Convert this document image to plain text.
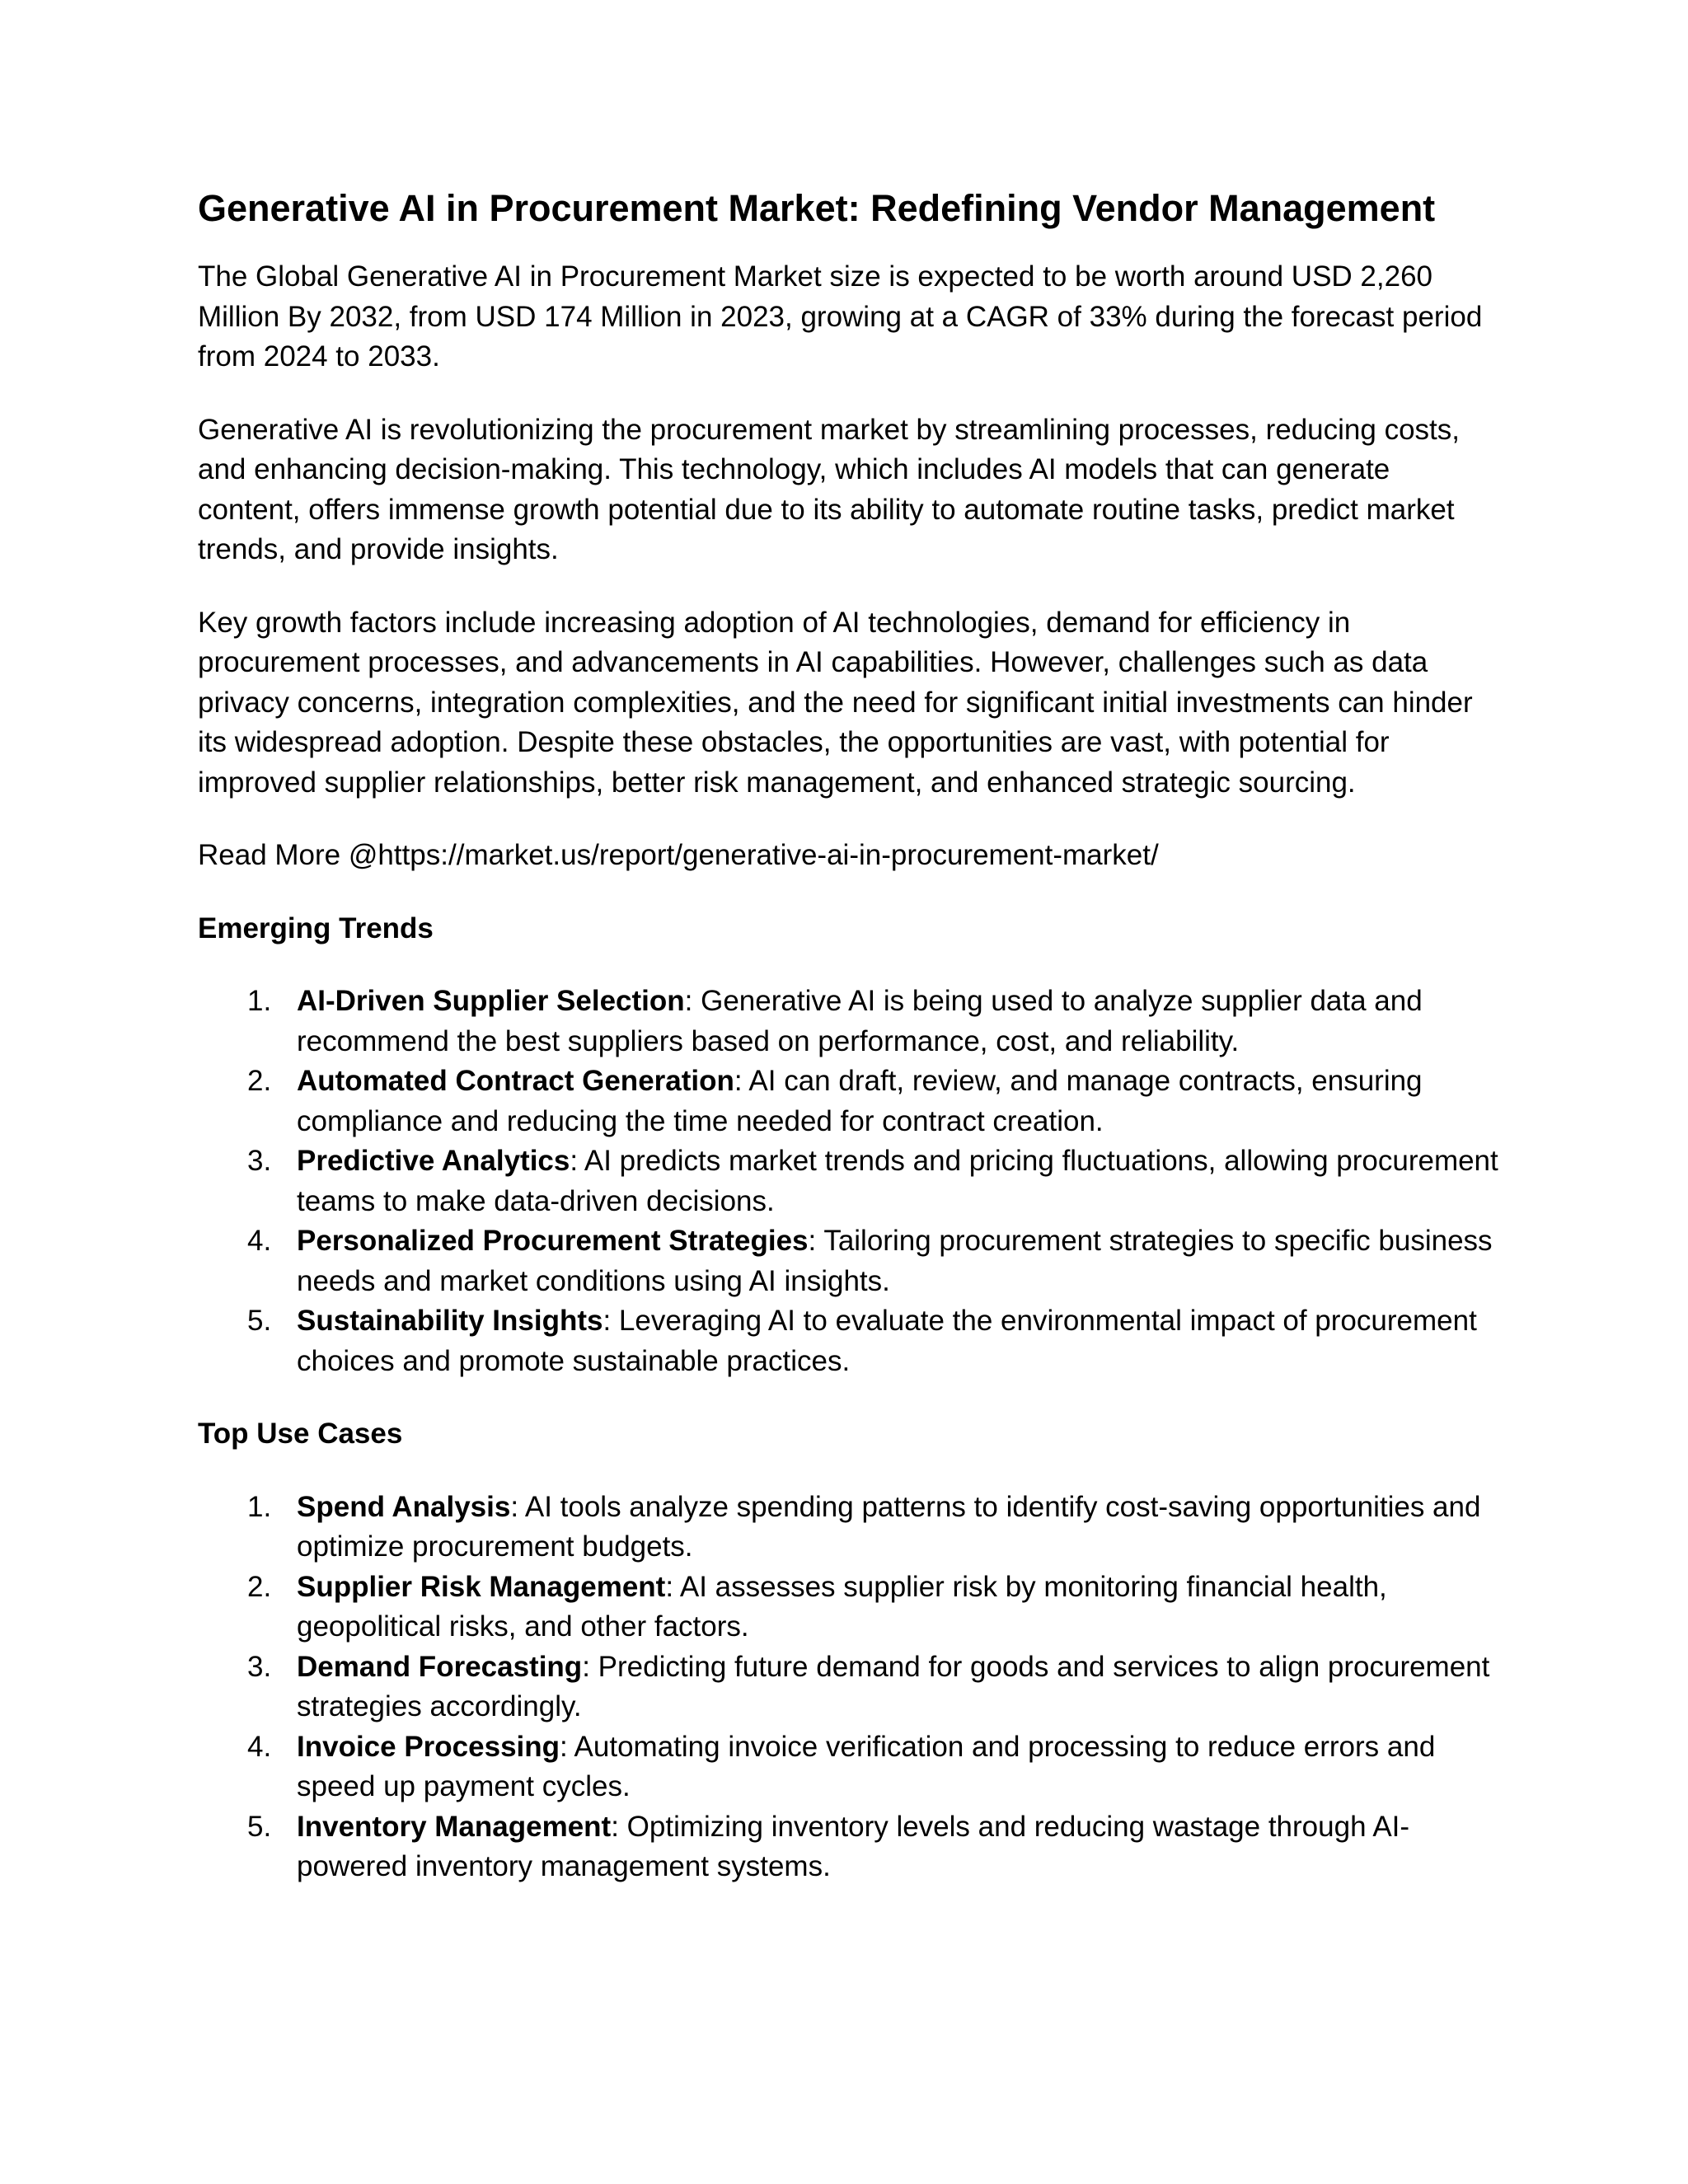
Generative AI in Procurement Market: Redefining Vendor Management

The Global Generative AI in Procurement Market size is expected to be worth around USD 2,260 Million By 2032, from USD 174 Million in 2023, growing at a CAGR of 33% during the forecast period from 2024 to 2033.

Generative AI is revolutionizing the procurement market by streamlining processes, reducing costs, and enhancing decision-making. This technology, which includes AI models that can generate content, offers immense growth potential due to its ability to automate routine tasks, predict market trends, and provide insights.

Key growth factors include increasing adoption of AI technologies, demand for efficiency in procurement processes, and advancements in AI capabilities. However, challenges such as data privacy concerns, integration complexities, and the need for significant initial investments can hinder its widespread adoption. Despite these obstacles, the opportunities are vast, with potential for improved supplier relationships, better risk management, and enhanced strategic sourcing.

Read More @https://market.us/report/generative-ai-in-procurement-market/

Emerging Trends
1. AI-Driven Supplier Selection: Generative AI is being used to analyze supplier data and recommend the best suppliers based on performance, cost, and reliability.
2. Automated Contract Generation: AI can draft, review, and manage contracts, ensuring compliance and reducing the time needed for contract creation.
3. Predictive Analytics: AI predicts market trends and pricing fluctuations, allowing procurement teams to make data-driven decisions.
4. Personalized Procurement Strategies: Tailoring procurement strategies to specific business needs and market conditions using AI insights.
5. Sustainability Insights: Leveraging AI to evaluate the environmental impact of procurement choices and promote sustainable practices.
Top Use Cases
1. Spend Analysis: AI tools analyze spending patterns to identify cost-saving opportunities and optimize procurement budgets.
2. Supplier Risk Management: AI assesses supplier risk by monitoring financial health, geopolitical risks, and other factors.
3. Demand Forecasting: Predicting future demand for goods and services to align procurement strategies accordingly.
4. Invoice Processing: Automating invoice verification and processing to reduce errors and speed up payment cycles.
5. Inventory Management: Optimizing inventory levels and reducing wastage through AI-powered inventory management systems.
